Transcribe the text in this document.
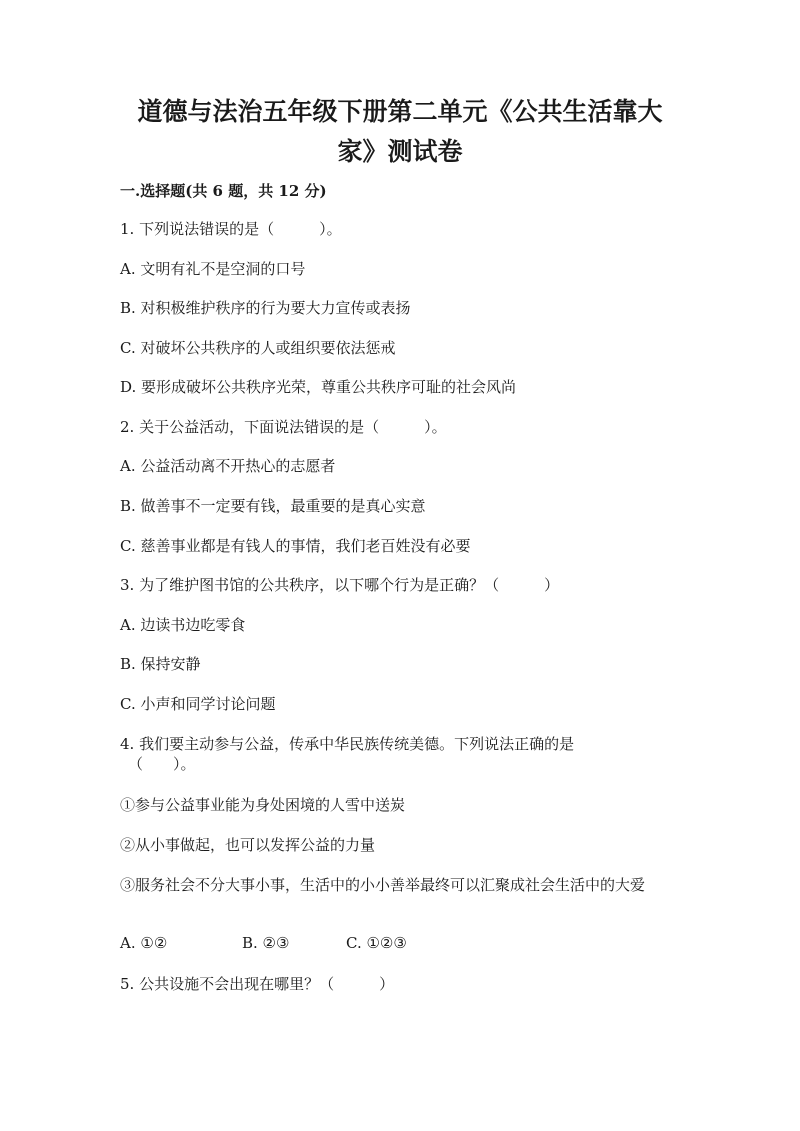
道德与法治五年级下册第二单元《公共生活靠大
家》测试卷
一.选择题(共 6 题，共 12 分)
1. 下列说法错误的是（　　　）。
A. 文明有礼不是空洞的口号
B. 对积极维护秩序的行为要大力宣传或表扬
C. 对破坏公共秩序的人或组织要依法惩戒
D. 要形成破坏公共秩序光荣，尊重公共秩序可耻的社会风尚
2. 关于公益活动，下面说法错误的是（　　　）。
A. 公益活动离不开热心的志愿者
B. 做善事不一定要有钱，最重要的是真心实意
C. 慈善事业都是有钱人的事情，我们老百姓没有必要
3. 为了维护图书馆的公共秩序，以下哪个行为是正确？（　　　）
A. 边读书边吃零食
B. 保持安静
C. 小声和同学讨论问题
4. 我们要主动参与公益，传承中华民族传统美德。下列说法正确的是
（　　）。
①参与公益事业能为身处困境的人雪中送炭
②从小事做起，也可以发挥公益的力量
③服务社会不分大事小事，生活中的小小善举最终可以汇聚成社会生活中的大爱
A. ①②	B. ②③	C. ①②③
5. 公共设施不会出现在哪里？（　　　）
